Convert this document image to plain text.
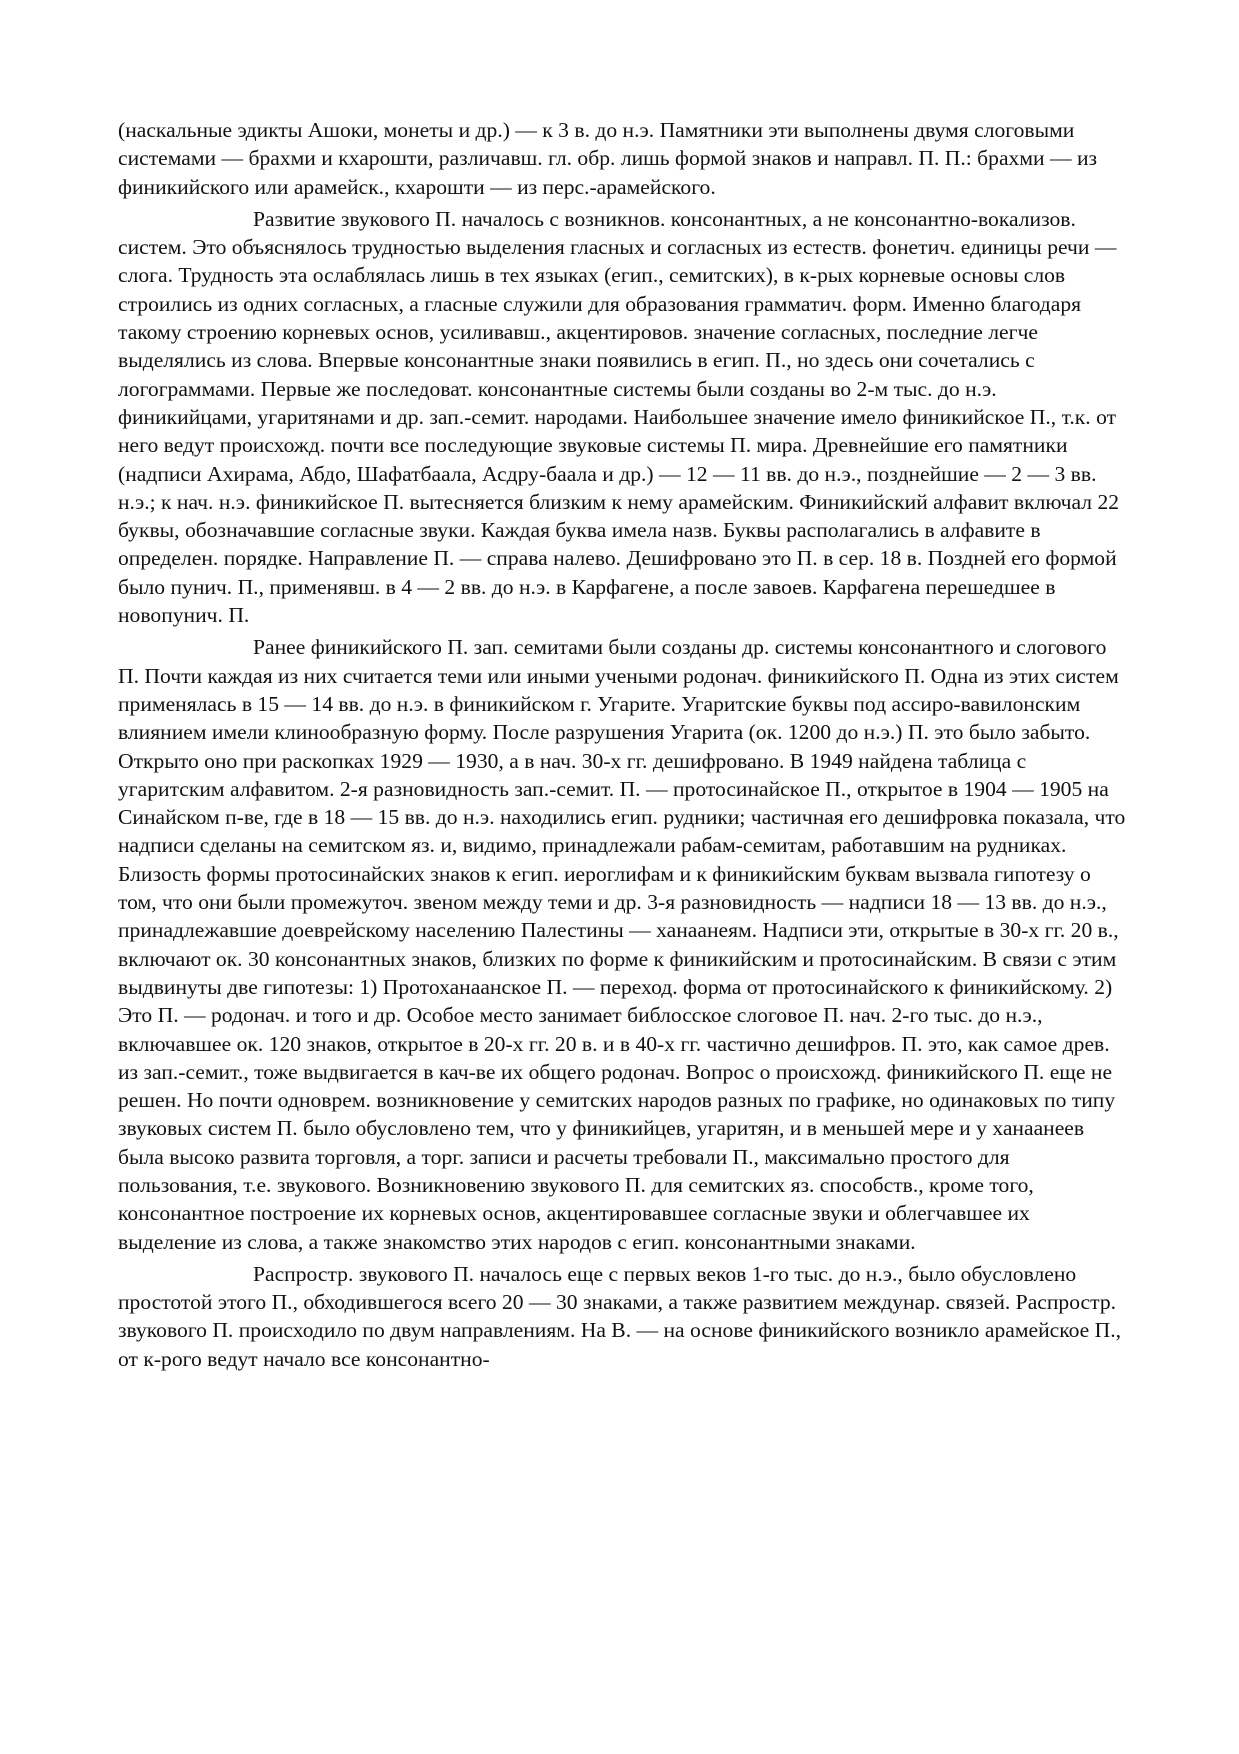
(наскальные эдикты Ашоки, монеты и др.) — к 3 в. до н.э. Памятники эти выполнены двумя слоговыми системами — брахми и кхарошти, различавш. гл. обр. лишь формой знаков и направл. П. П.: брахми — из финикийского или арамейск., кхарошти — из перс.-арамейского.

Развитие звукового П. началось с возникнов. консонантных, а не консонантно-вокализов. систем. Это объяснялось трудностью выделения гласных и согласных из естеств. фонетич. единицы речи — слога. Трудность эта ослаблялась лишь в тех языках (егип., семитских), в к-рых корневые основы слов строились из одних согласных, а гласные служили для образования грамматич. форм. Именно благодаря такому строению корневых основ, усиливавш., акцентировов. значение согласных, последние легче выделялись из слова. Впервые консонантные знаки появились в егип. П., но здесь они сочетались с логограммами. Первые же последоват. консонантные системы были созданы во 2-м тыс. до н.э. финикийцами, угаритянами и др. зап.-семит. народами. Наибольшее значение имело финикийское П., т.к. от него ведут происхожд. почти все последующие звуковые системы П. мира. Древнейшие его памятники (надписи Ахирама, Абдо, Шафатбаала, Асдру-баала и др.) — 12 — 11 вв. до н.э., позднейшие — 2 — 3 вв. н.э.; к нач. н.э. финикийское П. вытесняется близким к нему арамейским. Финикийский алфавит включал 22 буквы, обозначавшие согласные звуки. Каждая буква имела назв. Буквы располагались в алфавите в определен. порядке. Направление П. — справа налево. Дешифровано это П. в сер. 18 в. Поздней его формой было пунич. П., применявш. в 4 — 2 вв. до н.э. в Карфагене, а после завоев. Карфагена перешедшее в новопунич. П.

Ранее финикийского П. зап. семитами были созданы др. системы консонантного и слогового П. Почти каждая из них считается теми или иными учеными родонач. финикийского П. Одна из этих систем применялась в 15 — 14 вв. до н.э. в финикийском г. Угарите. Угаритские буквы под ассиро-вавилонским влиянием имели клинообразную форму. После разрушения Угарита (ок. 1200 до н.э.) П. это было забыто. Открыто оно при раскопках 1929 — 1930, а в нач. 30-х гг. дешифровано. В 1949 найдена таблица с угаритским алфавитом. 2-я разновидность зап.-семит. П. — протосинайское П., открытое в 1904 — 1905 на Синайском п-ве, где в 18 — 15 вв. до н.э. находились егип. рудники; частичная его дешифровка показала, что надписи сделаны на семитском яз. и, видимо, принадлежали рабам-семитам, работавшим на рудниках. Близость формы протосинайских знаков к егип. иероглифам и к финикийским буквам вызвала гипотезу о том, что они были промежуточ. звеном между теми и др. 3-я разновидность — надписи 18 — 13 вв. до н.э., принадлежавшие доеврейскому населению Палестины — ханаанеям. Надписи эти, открытые в 30-х гг. 20 в., включают ок. 30 консонантных знаков, близких по форме к финикийским и протосинайским. В связи с этим выдвинуты две гипотезы: 1) Протоханаанское П. — переход. форма от протосинайского к финикийскому. 2) Это П. — родонач. и того и др. Особое место занимает библосское слоговое П. нач. 2-го тыс. до н.э., включавшее ок. 120 знаков, открытое в 20-х гг. 20 в. и в 40-х гг. частично дешифров. П. это, как самое древ. из зап.-семит., тоже выдвигается в кач-ве их общего родонач. Вопрос о происхожд. финикийского П. еще не решен. Но почти одноврем. возникновение у семитских народов разных по графике, но одинаковых по типу звуковых систем П. было обусловлено тем, что у финикийцев, угаритян, и в меньшей мере и у ханаанеев была высоко развита торговля, а торг. записи и расчеты требовали П., максимально простого для пользования, т.е. звукового. Возникновению звукового П. для семитских яз. способств., кроме того, консонантное построение их корневых основ, акцентировавшее согласные звуки и облегчавшее их выделение из слова, а также знакомство этих народов с егип. консонантными знаками.

Распростр. звукового П. началось еще с первых веков 1-го тыс. до н.э., было обусловлено простотой этого П., обходившегося всего 20 — 30 знаками, а также развитием междунар. связей. Распростр. звукового П. происходило по двум направлениям. На В. — на основе финикийского возникло арамейское П., от к-рого ведут начало все консонантно-
